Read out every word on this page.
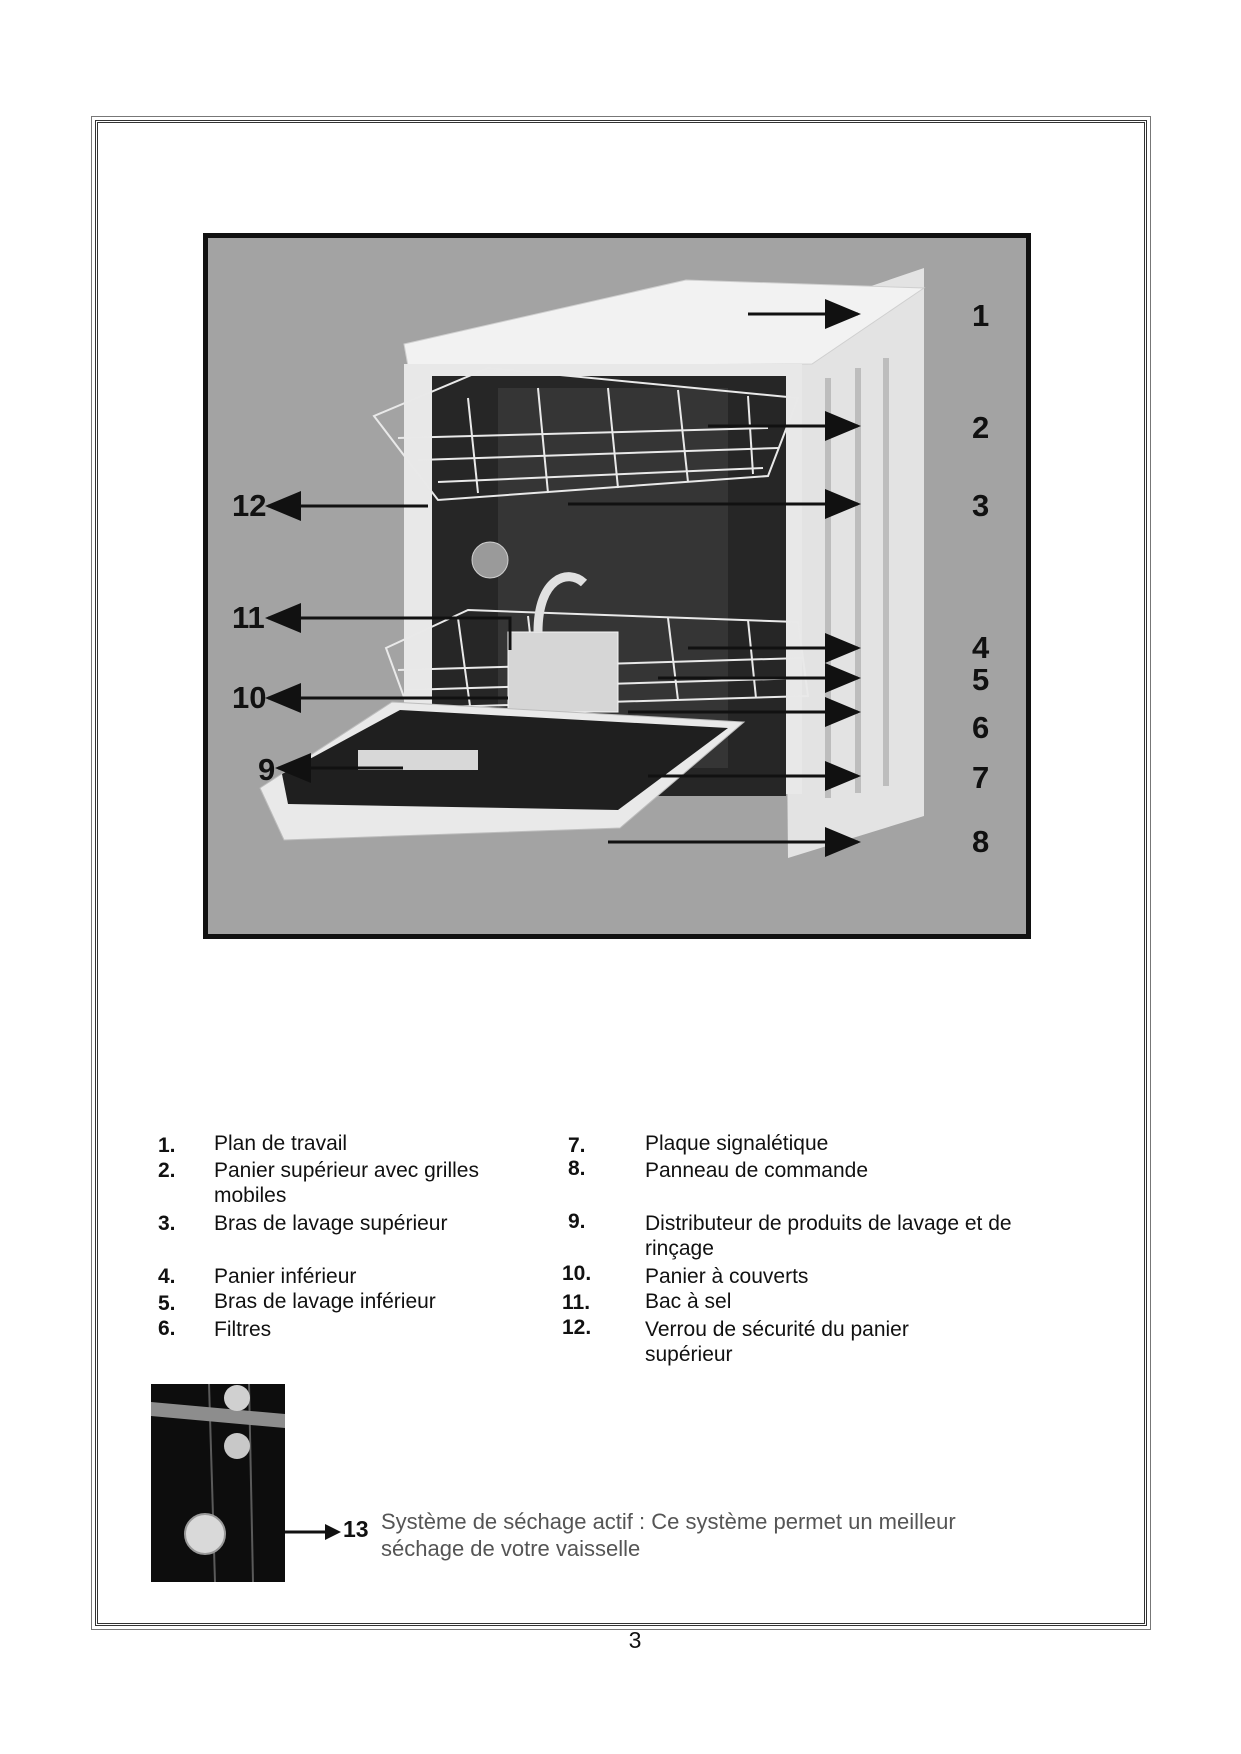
1
2
3
4
5
6
7
8
9
10
11
12
1. Plan de travail
2. Panier supérieur avec grilles mobiles
3. Bras de lavage supérieur
4. Panier inférieur
5. Bras de lavage inférieur
6. Filtres
7.	Plaque signalétique
8.	Panneau de commande
9.	Distributeur de produits de lavage et de rinçage
10.	Panier à couverts
11.	Bac à sel
12.	Verrou de sécurité du panier supérieur
13 Système de séchage actif : Ce système permet un meilleur séchage de votre vaisselle
3
